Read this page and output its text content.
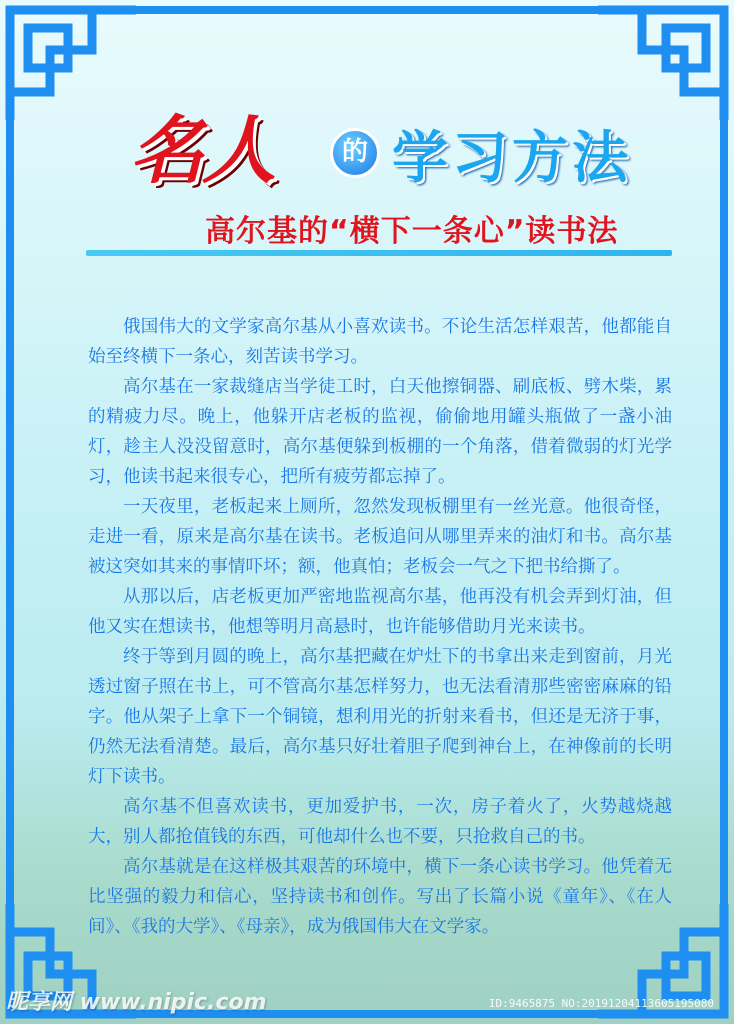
名人	的 学习方法
高尔基的“横下一条心”读书法

俄国伟大的文学家高尔基从小喜欢读书。不论生活怎样艰苦，他都能自始至终横下一条心，刻苦读书学习。

高尔基在一家裁缝店当学徒工时，白天他擦铜器、刷底板、劈木柴，累的精疲力尽。晚上，他躲开店老板的监视，偷偷地用罐头瓶做了一盏小油灯，趁主人没没留意时，高尔基便躲到板棚的一个角落，借着微弱的灯光学习，他读书起来很专心，把所有疲劳都忘掉了。

一天夜里，老板起来上厕所，忽然发现板棚里有一丝光意。他很奇怪，走进一看，原来是高尔基在读书。老板追问从哪里弄来的油灯和书。高尔基被这突如其来的事情吓坏；额，他真怕；老板会一气之下把书给撕了。

从那以后，店老板更加严密地监视高尔基，他再没有机会弄到灯油，但他又实在想读书，他想等明月高悬时，也许能够借助月光来读书。

终于等到月圆的晚上，高尔基把藏在炉灶下的书拿出来走到窗前，月光透过窗子照在书上，可不管高尔基怎样努力，也无法看清那些密密麻麻的铅字。他从架子上拿下一个铜镜，想利用光的折射来看书，但还是无济于事，仍然无法看清楚。最后，高尔基只好壮着胆子爬到神台上，在神像前的长明灯下读书。

高尔基不但喜欢读书，更加爱护书，一次，房子着火了，火势越烧越大，别人都抢值钱的东西，可他却什么也不要，只抢救自己的书。

高尔基就是在这样极其艰苦的环境中，横下一条心读书学习。他凭着无比坚强的毅力和信心，坚持读书和创作。写出了长篇小说《童年》、《在人间》、《我的大学》、《母亲》，成为俄国伟大在文学家。

昵享网 www.nipic.com	ID:9465875 NO:20191204113605195080
